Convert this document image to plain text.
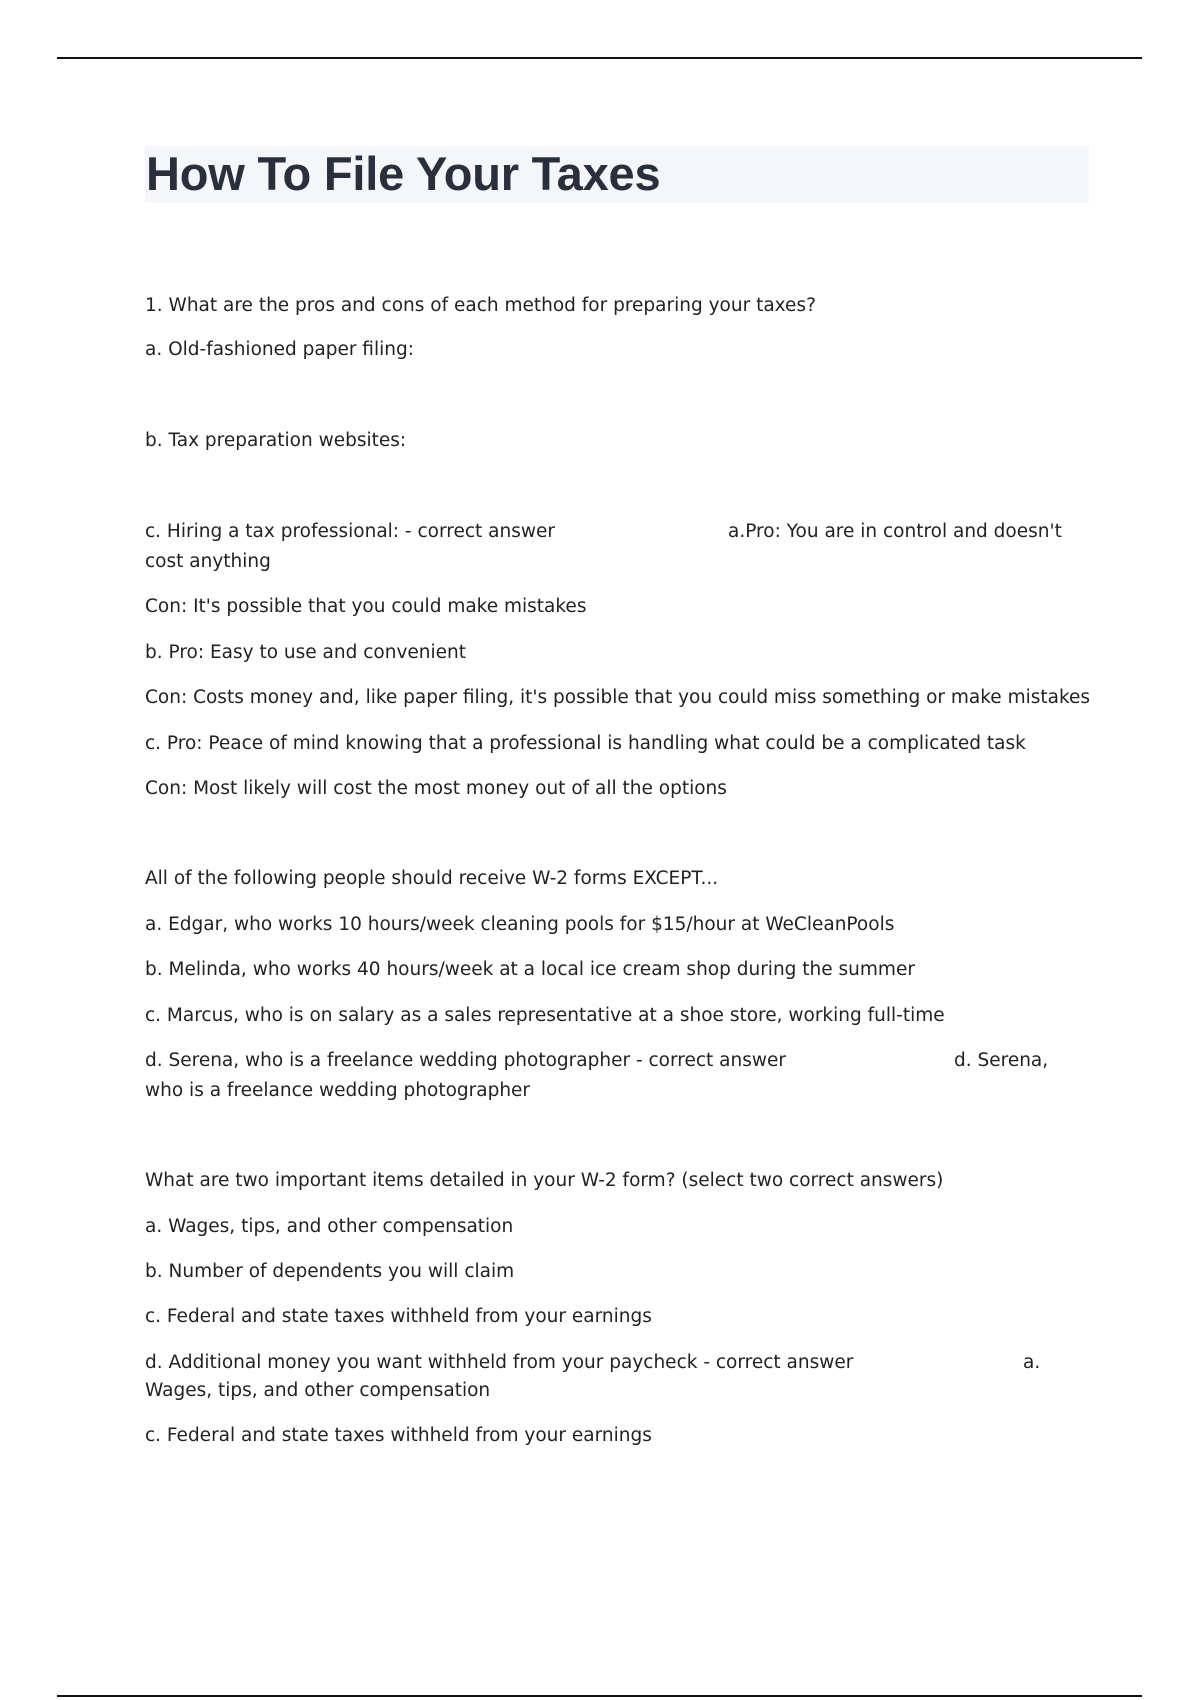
How To File Your Taxes

1. What are the pros and cons of each method for preparing your taxes?

a. Old-fashioned paper filing:

b. Tax preparation websites:

c. Hiring a tax professional: - correct answer	a.Pro: You are in control and doesn't

cost anything

Con: It's possible that you could make mistakes

b. Pro: Easy to use and convenient

Con: Costs money and, like paper filing, it's possible that you could miss something or make mistakes

c. Pro: Peace of mind knowing that a professional is handling what could be a complicated task

Con: Most likely will cost the most money out of all the options

All of the following people should receive W-2 forms EXCEPT...

a. Edgar, who works 10 hours/week cleaning pools for $15/hour at WeCleanPools

b. Melinda, who works 40 hours/week at a local ice cream shop during the summer

c. Marcus, who is on salary as a sales representative at a shoe store, working full-time

d. Serena, who is a freelance wedding photographer - correct answer	d. Serena,

who is a freelance wedding photographer

What are two important items detailed in your W-2 form? (select two correct answers)

a. Wages, tips, and other compensation

b. Number of dependents you will claim

c. Federal and state taxes withheld from your earnings

d. Additional money you want withheld from your paycheck - correct answer	a.

Wages, tips, and other compensation

c. Federal and state taxes withheld from your earnings
